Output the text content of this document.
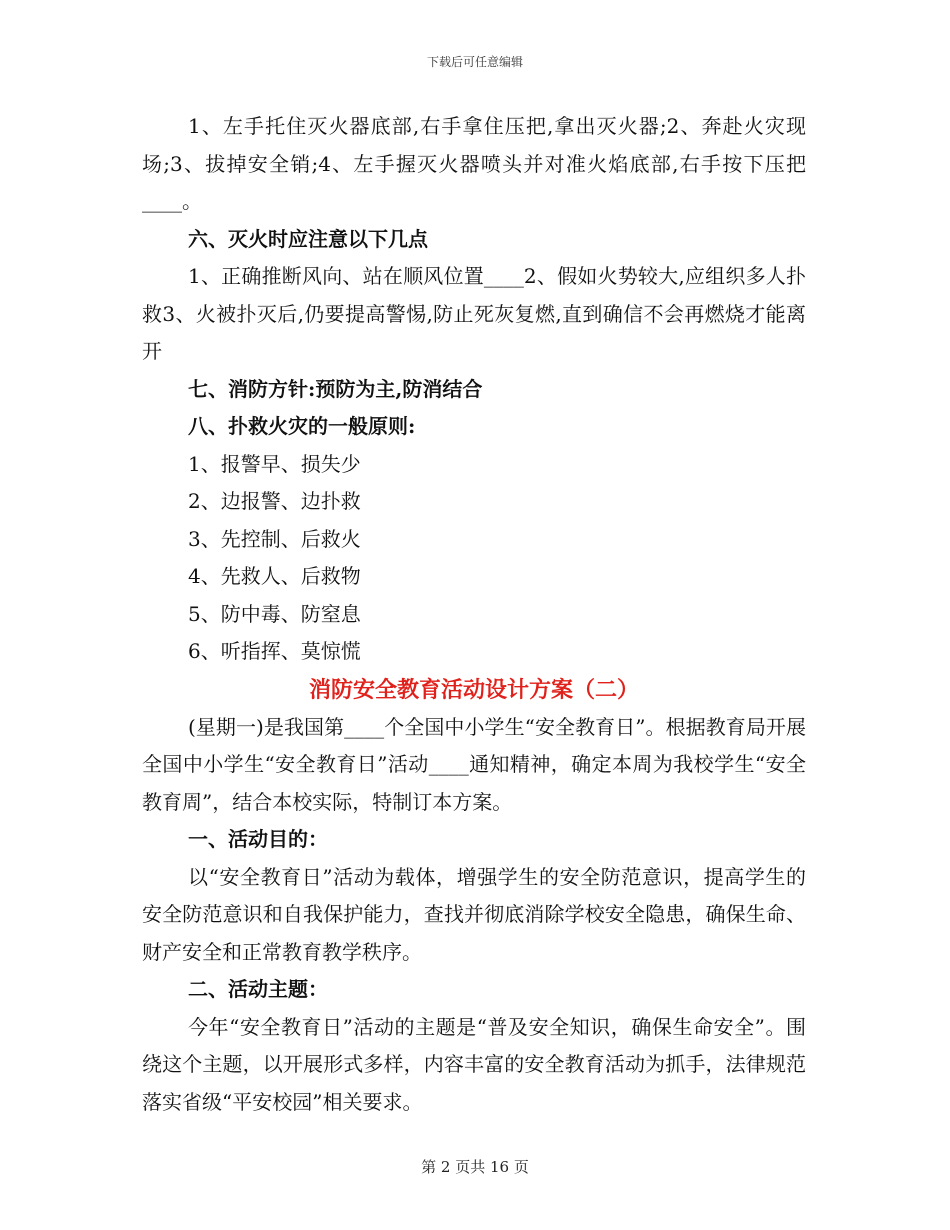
下载后可任意编辑

1、左手托住灭火器底部,右手拿住压把,拿出灭火器;2、奔赴火灾现场;3、拔掉安全销;4、左手握灭火器喷头并对准火焰底部,右手按下压把____。

六、灭火时应注意以下几点

1、正确推断风向、站在顺风位置____2、假如火势较大,应组织多人扑救3、火被扑灭后,仍要提高警惕,防止死灰复燃,直到确信不会再燃烧才能离开

七、消防方针:预防为主,防消结合

八、扑救火灾的一般原则:

1、报警早、损失少

2、边报警、边扑救

3、先控制、后救火

4、先救人、后救物

5、防中毒、防窒息

6、听指挥、莫惊慌

消防安全教育活动设计方案（二）

(星期一)是我国第____个全国中小学生“安全教育日”。根据教育局开展全国中小学生“安全教育日”活动____通知精神，确定本周为我校学生“安全教育周”，结合本校实际，特制订本方案。

一、活动目的：

以“安全教育日”活动为载体，增强学生的安全防范意识，提高学生的安全防范意识和自我保护能力，查找并彻底消除学校安全隐患，确保生命、财产安全和正常教育教学秩序。

二、活动主题：

今年“安全教育日”活动的主题是“普及安全知识，确保生命安全”。围绕这个主题，以开展形式多样，内容丰富的安全教育活动为抓手，法律规范落实省级“平安校园”相关要求。

第 2 页共 16 页
